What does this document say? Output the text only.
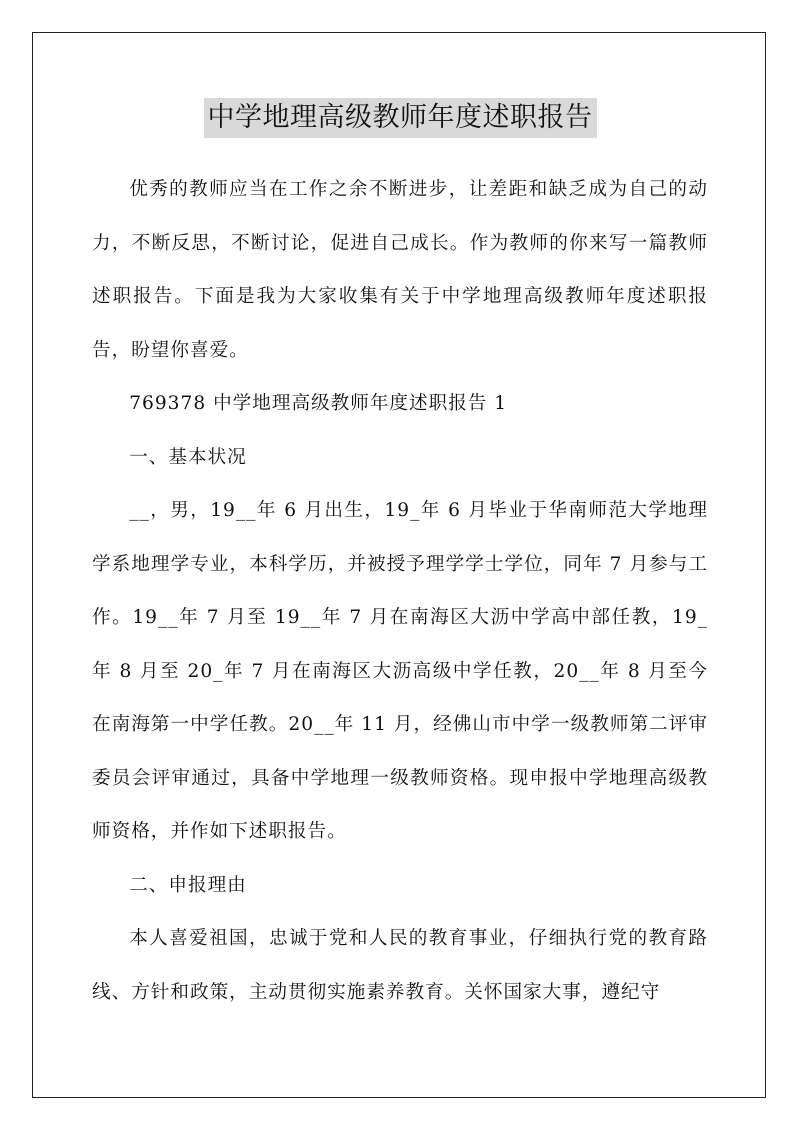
中学地理高级教师年度述职报告

优秀的教师应当在工作之余不断进步，让差距和缺乏成为自己的动力，不断反思，不断讨论，促进自己成长。作为教师的你来写一篇教师述职报告。下面是我为大家收集有关于中学地理高级教师年度述职报告，盼望你喜爱。

769378 中学地理高级教师年度述职报告 1

一、基本状况

__，男，19__年 6 月出生，19_年 6 月毕业于华南师范大学地理学系地理学专业，本科学历，并被授予理学学士学位，同年 7 月参与工作。19__年 7 月至 19__年 7 月在南海区大沥中学高中部任教，19_年 8 月至 20_年 7 月在南海区大沥高级中学任教，20__年 8 月至今在南海第一中学任教。20__年 11 月，经佛山市中学一级教师第二评审委员会评审通过，具备中学地理一级教师资格。现申报中学地理高级教师资格，并作如下述职报告。

二、申报理由

本人喜爱祖国，忠诚于党和人民的教育事业，仔细执行党的教育路线、方针和政策，主动贯彻实施素养教育。关怀国家大事，遵纪守
